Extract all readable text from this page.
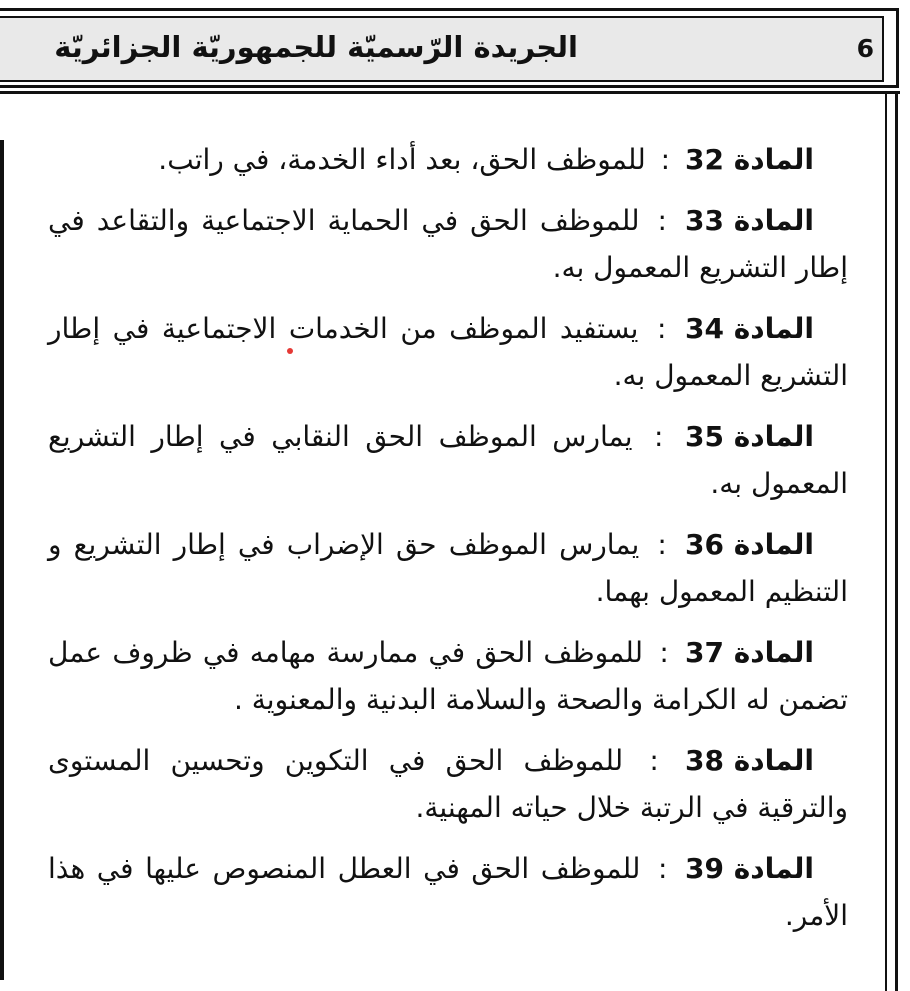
6
الجريدة الرّسميّة للجمهوريّة الجزائريّة

المادة 32 : للموظف الحق، بعد أداء الخدمة، في راتب.

المادة 33 : للموظف الحق في الحماية الاجتماعية والتقاعد في إطار التشريع المعمول به.

المادة 34 : يستفيد الموظف من الخدمات الاجتماعية في إطار التشريع المعمول به.

المادة 35 : يمارس الموظف الحق النقابي في إطار التشريع المعمول به.

المادة 36 : يمارس الموظف حق الإضراب في إطار التشريع و التنظيم المعمول بهما.

المادة 37 : للموظف الحق في ممارسة مهامه في ظروف عمل تضمن له الكرامة والصحة والسلامة البدنية والمعنوية .

المادة 38 : للموظف الحق في التكوين وتحسين المستوى والترقية في الرتبة خلال حياته المهنية.

المادة 39 : للموظف الحق في العطل المنصوص عليها في هذا الأمر.
